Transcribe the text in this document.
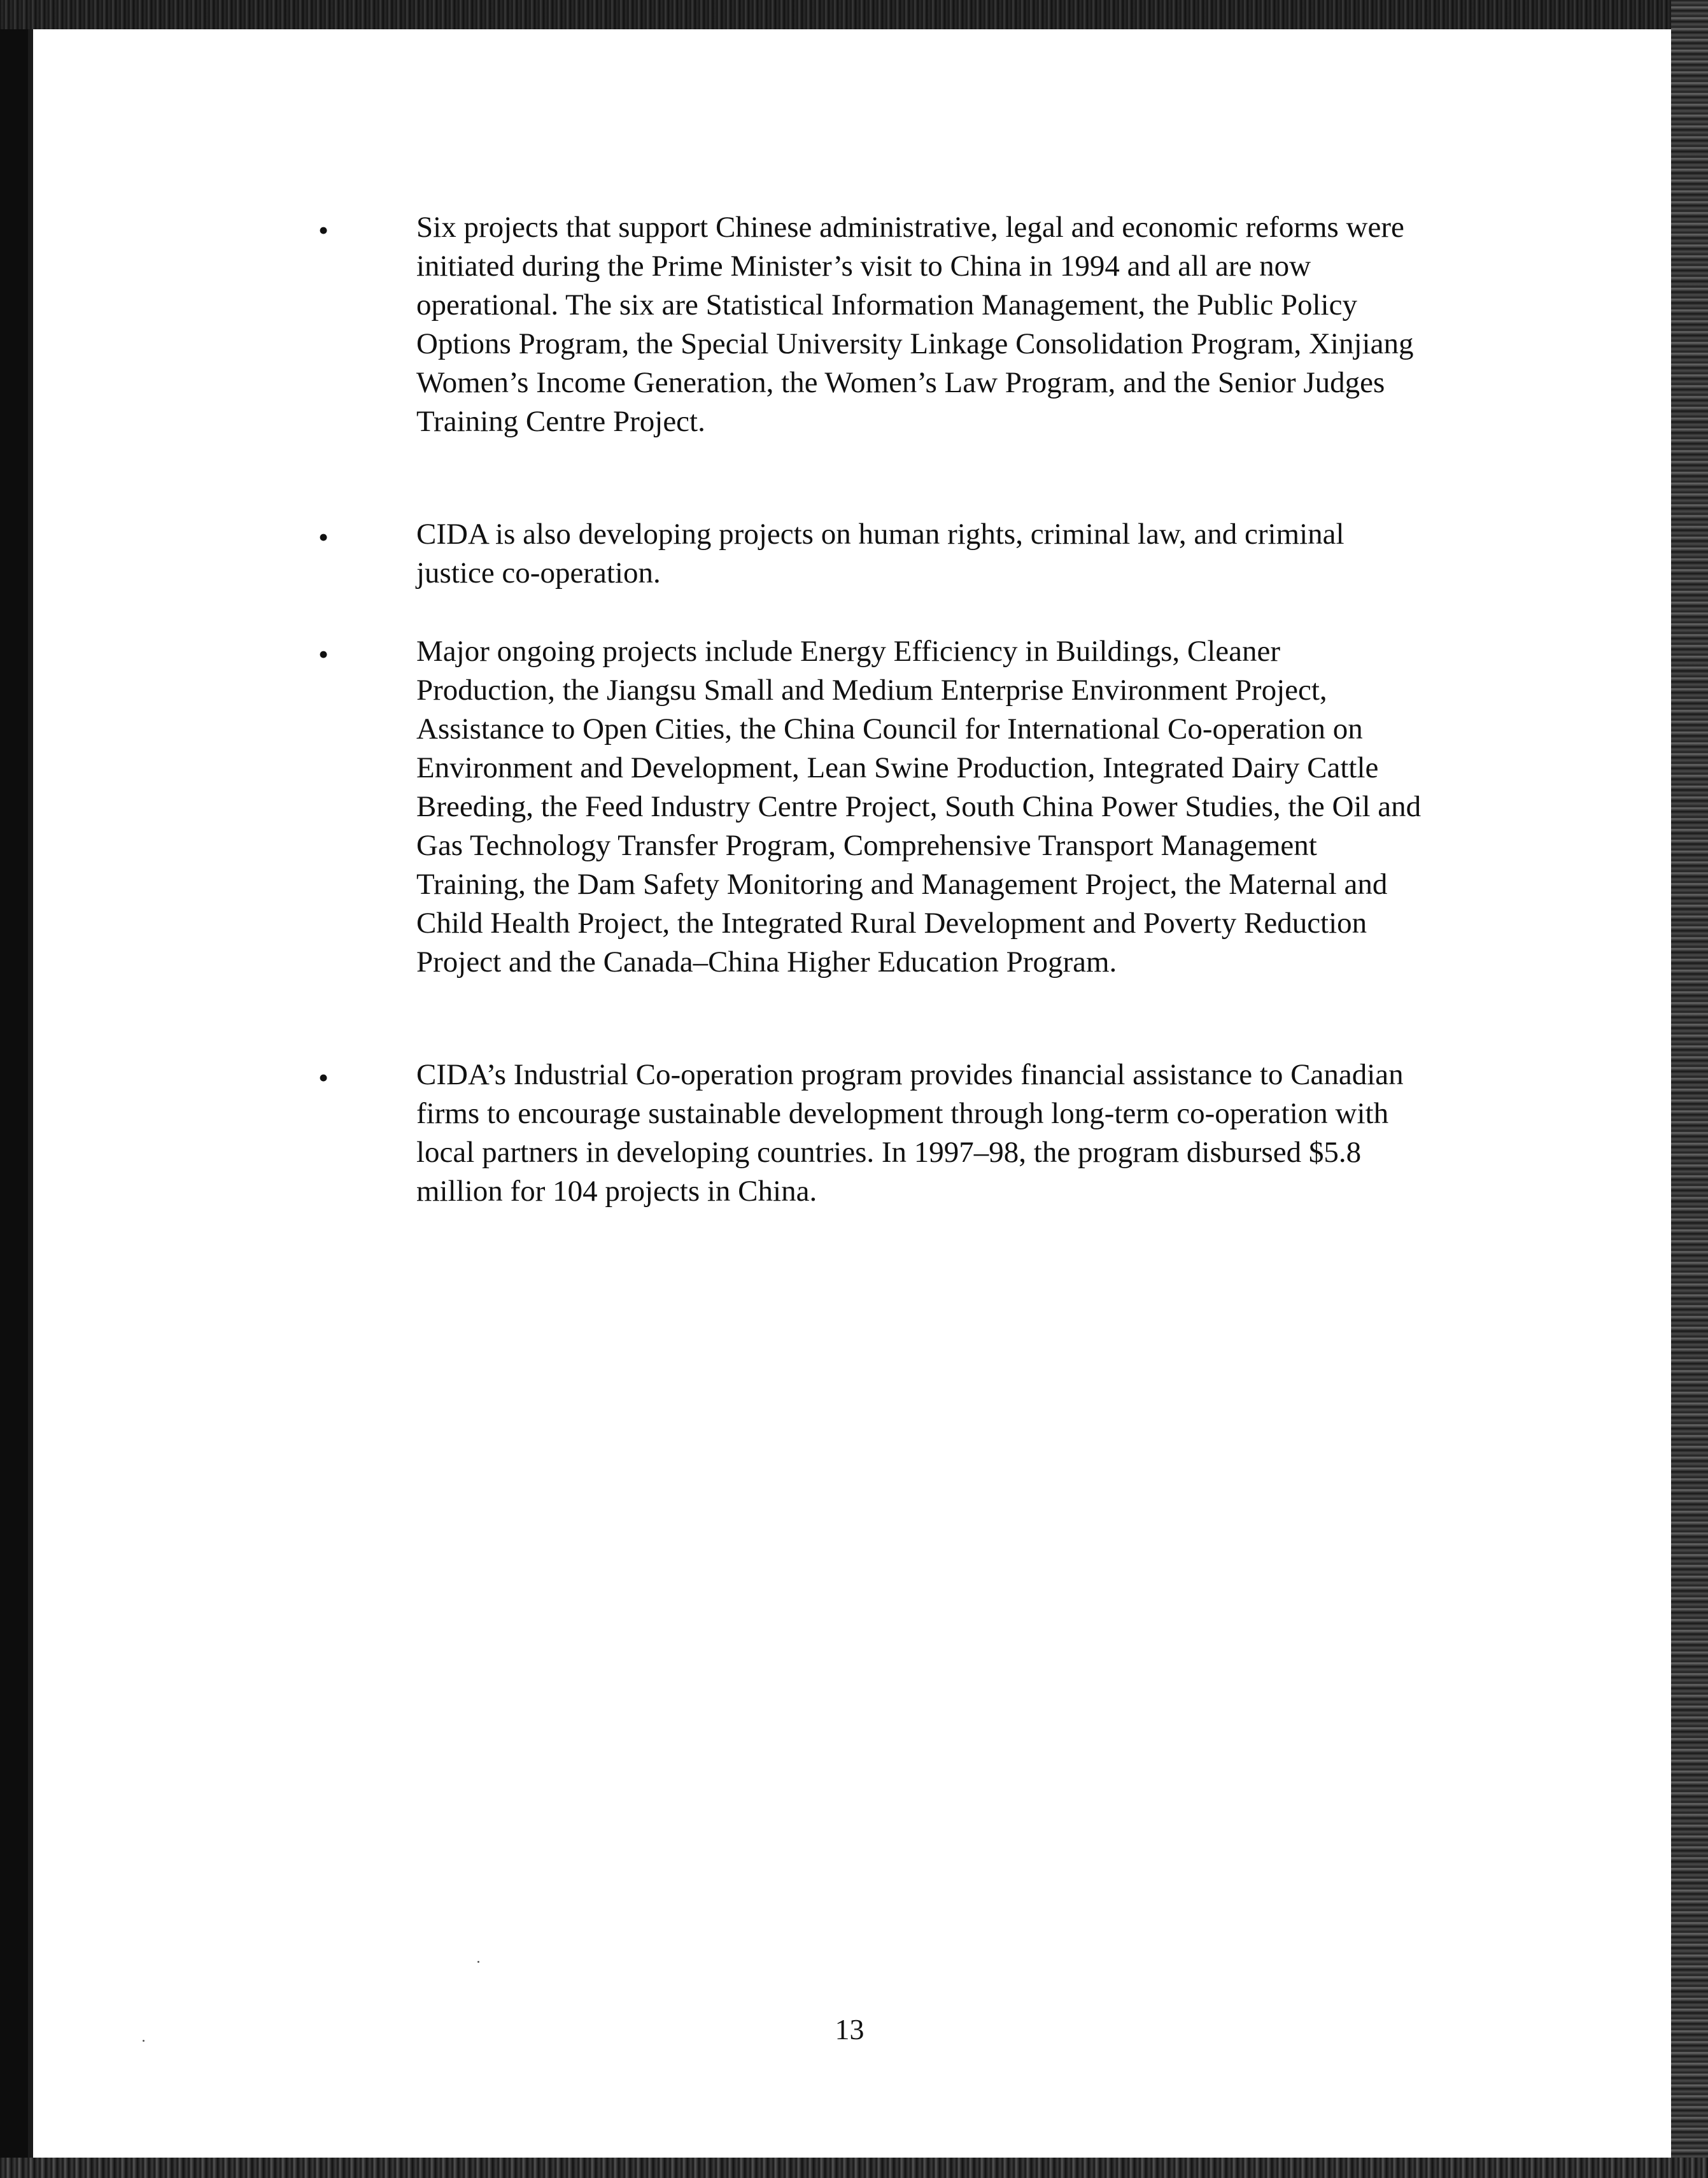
•	Six projects that support Chinese administrative, legal and economic reforms were initiated during the Prime Minister’s visit to China in 1994 and all are now operational. The six are Statistical Information Management, the Public Policy Options Program, the Special University Linkage Consolidation Program, Xinjiang Women’s Income Generation, the Women’s Law Program, and the Senior Judges Training Centre Project.

•	CIDA is also developing projects on human rights, criminal law, and criminal justice co-operation.

•	Major ongoing projects include Energy Efficiency in Buildings, Cleaner Production, the Jiangsu Small and Medium Enterprise Environment Project, Assistance to Open Cities, the China Council for International Co-operation on Environment and Development, Lean Swine Production, Integrated Dairy Cattle Breeding, the Feed Industry Centre Project, South China Power Studies, the Oil and Gas Technology Transfer Program, Comprehensive Transport Management Training, the Dam Safety Monitoring and Management Project, the Maternal and Child Health Project, the Integrated Rural Development and Poverty Reduction Project and the Canada–China Higher Education Program.

•	CIDA’s Industrial Co-operation program provides financial assistance to Canadian firms to encourage sustainable development through long-term co-operation with local partners in developing countries. In 1997–98, the program disbursed $5.8 million for 104 projects in China.

13
